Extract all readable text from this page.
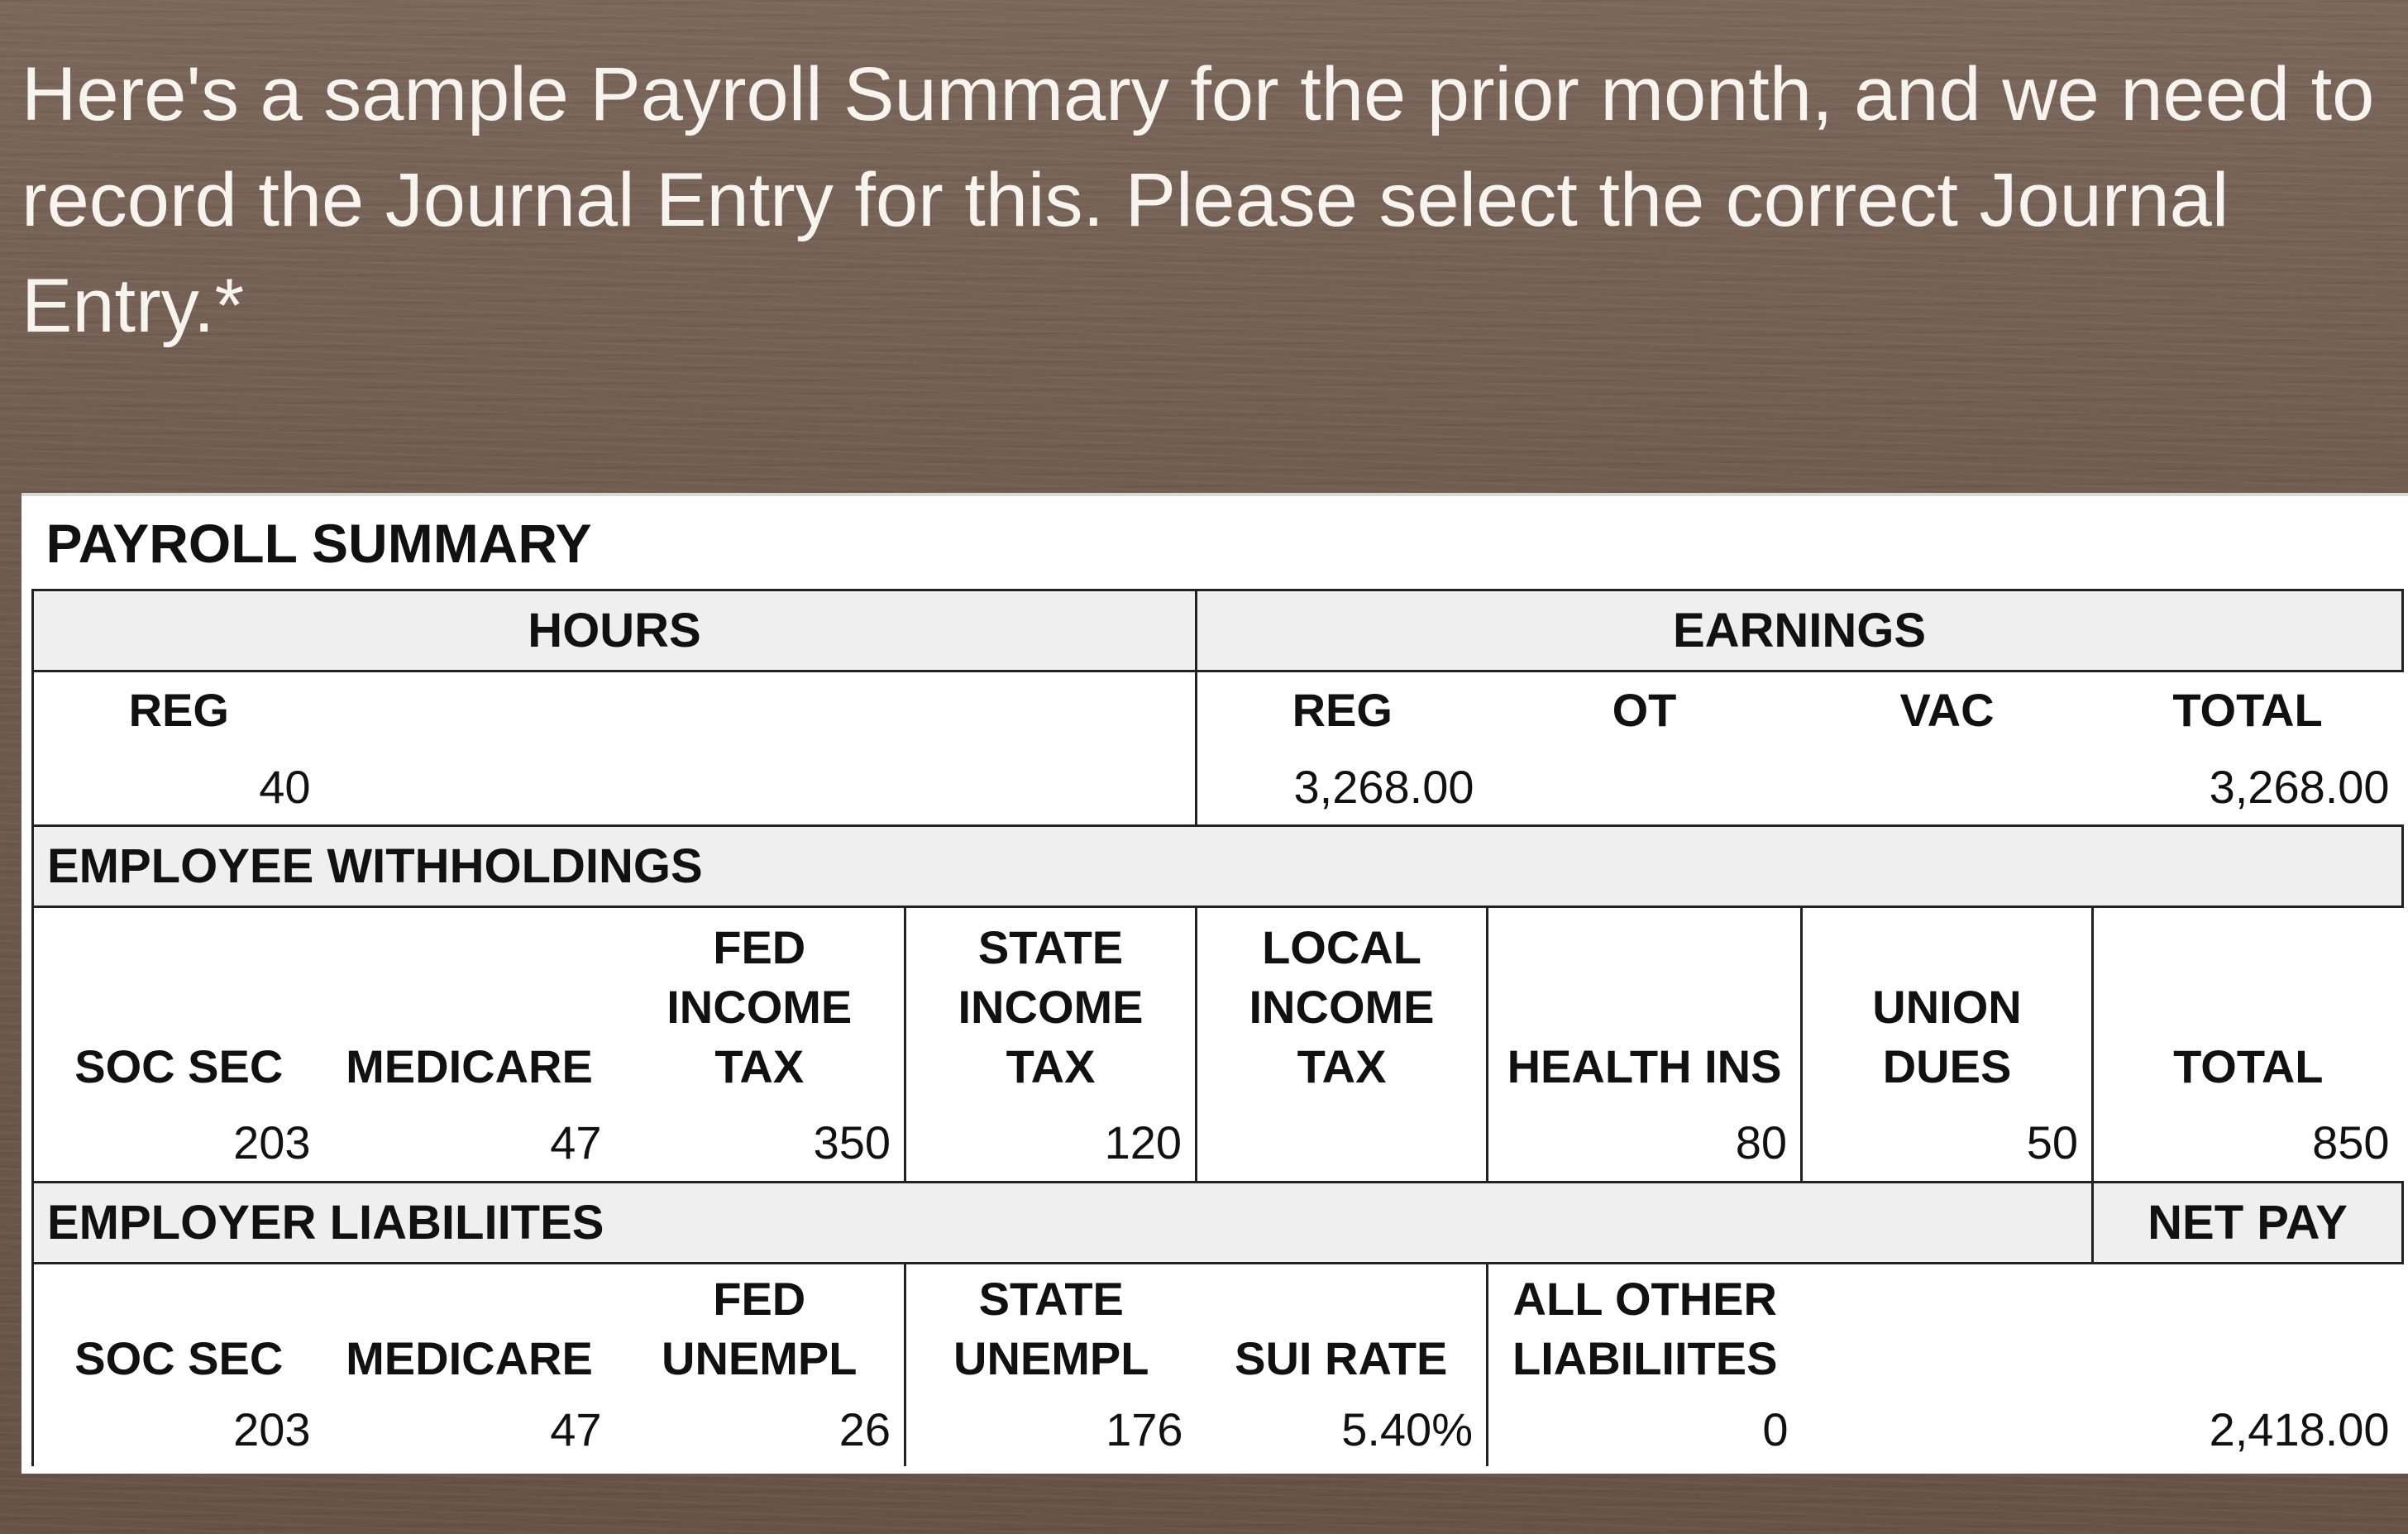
Here's a sample Payroll Summary for the prior month, and we need to record the Journal Entry for this. Please select the correct Journal Entry.*

PAYROLL SUMMARY							
HOURS				EARNINGS			
REG				REG	OT	VAC	TOTAL
40				3,268.00			3,268.00
EMPLOYEE WITHHOLDINGS							
SOC SEC	MEDICARE	FED INCOME TAX	STATE INCOME TAX	LOCAL INCOME TAX	HEALTH INS	UNION DUES	TOTAL
203	47	350	120		80	50	850
EMPLOYER LIABILIITES							NET PAY
SOC SEC	MEDICARE	FED UNEMPL	STATE UNEMPL	SUI RATE	ALL OTHER LIABILIITES		
203	47	26	176	5.40%	0		2,418.00
